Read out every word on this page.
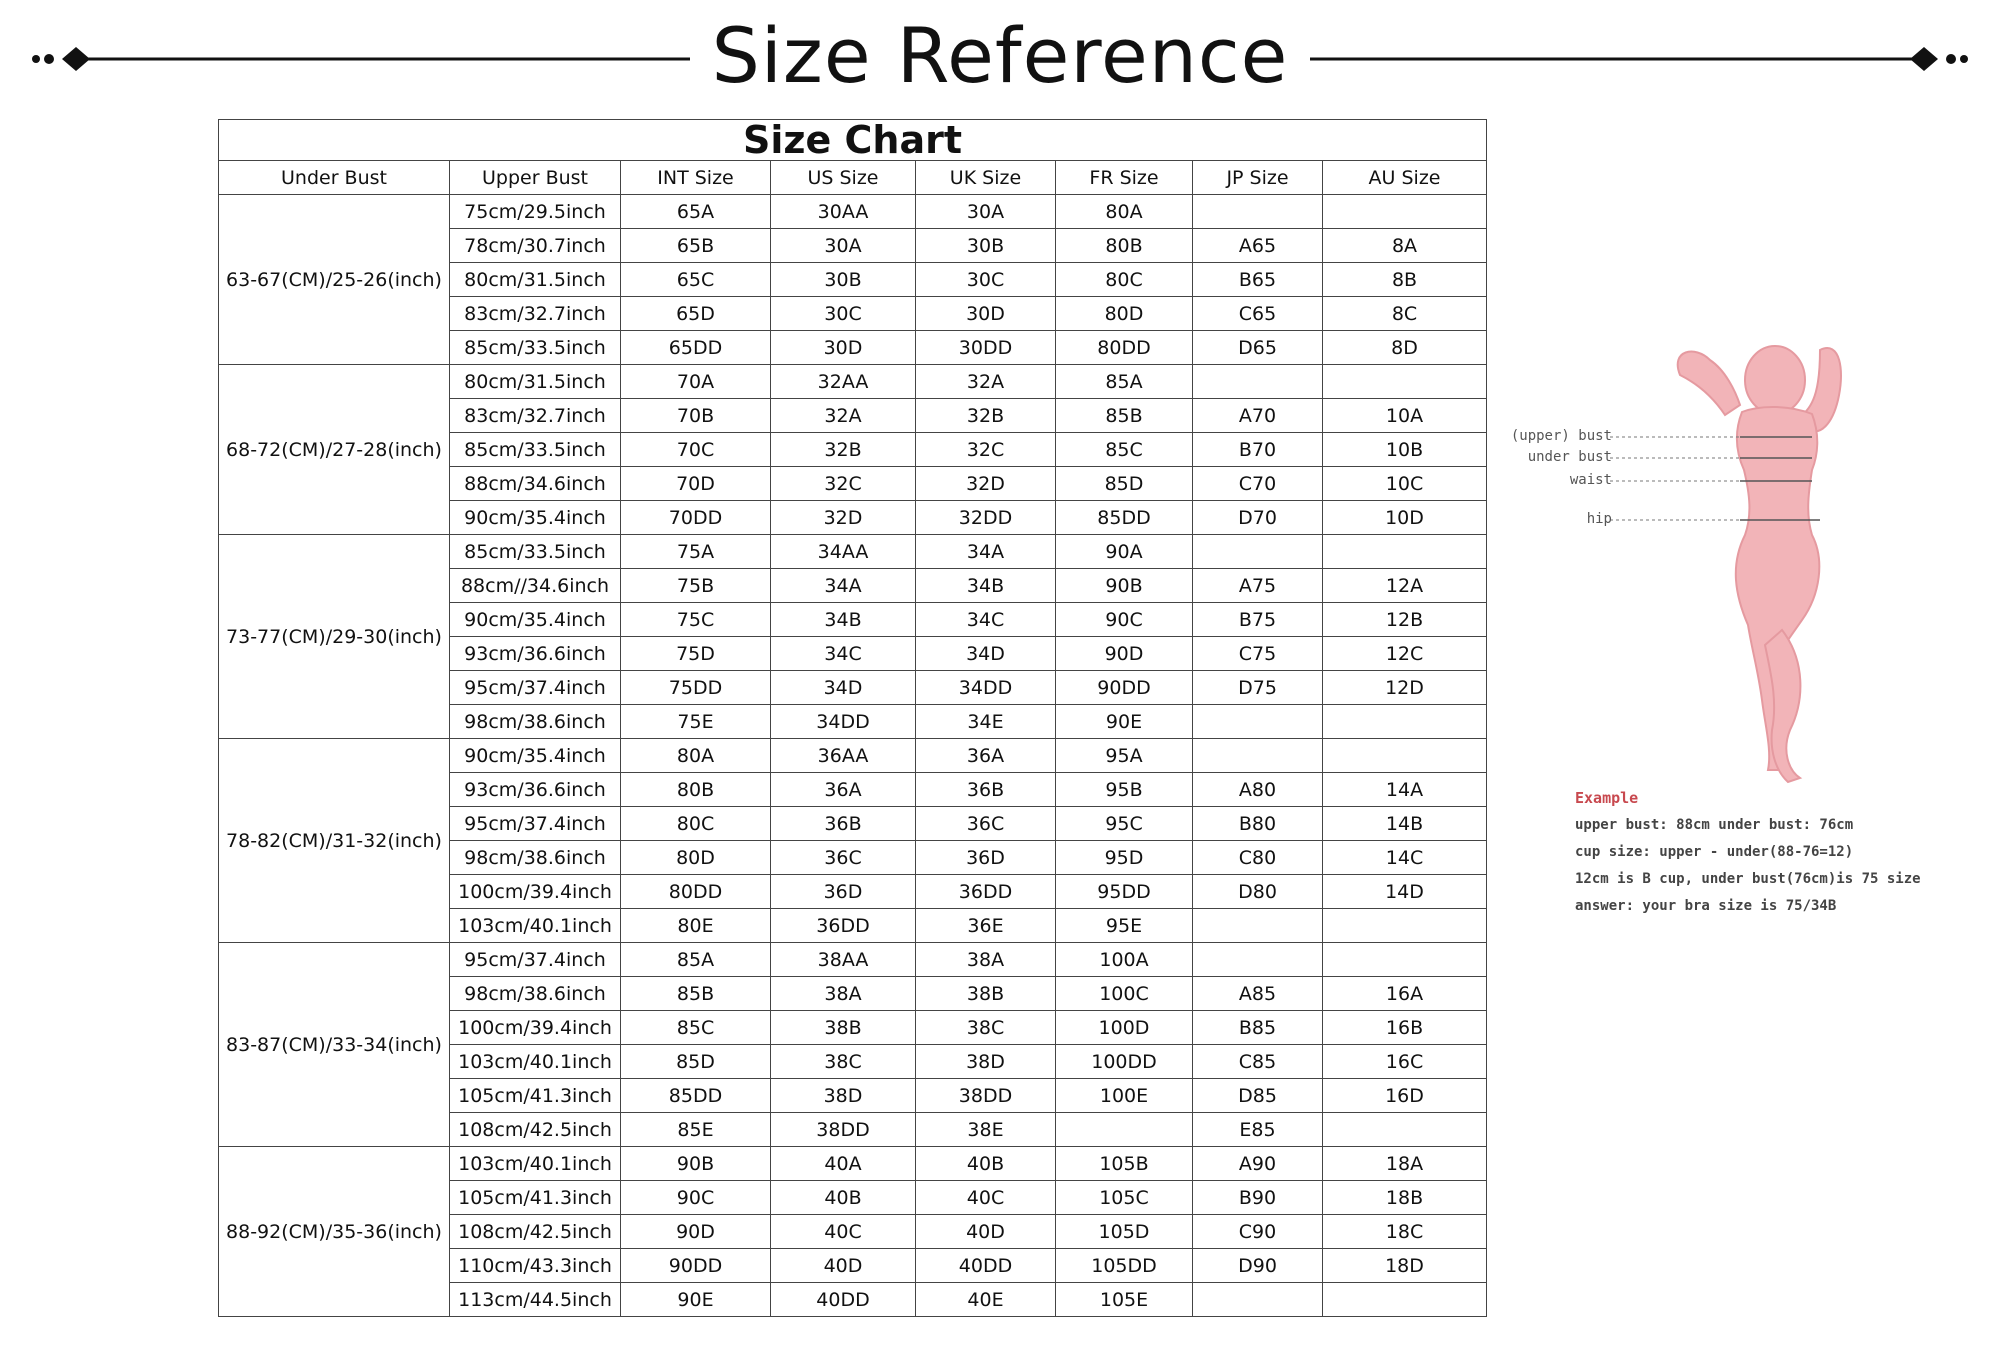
Size Reference
Size Chart							
Under Bust	Upper Bust	INT Size	US Size	UK Size	FR Size	JP Size	AU Size
63-67(CM)/25-26(inch)	75cm/29.5inch	65A	30AA	30A	80A		
	78cm/30.7inch	65B	30A	30B	80B	A65	8A
	80cm/31.5inch	65C	30B	30C	80C	B65	8B
	83cm/32.7inch	65D	30C	30D	80D	C65	8C
	85cm/33.5inch	65DD	30D	30DD	80DD	D65	8D
68-72(CM)/27-28(inch)	80cm/31.5inch	70A	32AA	32A	85A		
	83cm/32.7inch	70B	32A	32B	85B	A70	10A
	85cm/33.5inch	70C	32B	32C	85C	B70	10B
	88cm/34.6inch	70D	32C	32D	85D	C70	10C
	90cm/35.4inch	70DD	32D	32DD	85DD	D70	10D
73-77(CM)/29-30(inch)	85cm/33.5inch	75A	34AA	34A	90A		
	88cm//34.6inch	75B	34A	34B	90B	A75	12A
	90cm/35.4inch	75C	34B	34C	90C	B75	12B
	93cm/36.6inch	75D	34C	34D	90D	C75	12C
	95cm/37.4inch	75DD	34D	34DD	90DD	D75	12D
	98cm/38.6inch	75E	34DD	34E	90E		
78-82(CM)/31-32(inch)	90cm/35.4inch	80A	36AA	36A	95A		
	93cm/36.6inch	80B	36A	36B	95B	A80	14A
	95cm/37.4inch	80C	36B	36C	95C	B80	14B
	98cm/38.6inch	80D	36C	36D	95D	C80	14C
	100cm/39.4inch	80DD	36D	36DD	95DD	D80	14D
	103cm/40.1inch	80E	36DD	36E	95E		
83-87(CM)/33-34(inch)	95cm/37.4inch	85A	38AA	38A	100A		
	98cm/38.6inch	85B	38A	38B	100C	A85	16A
	100cm/39.4inch	85C	38B	38C	100D	B85	16B
	103cm/40.1inch	85D	38C	38D	100DD	C85	16C
	105cm/41.3inch	85DD	38D	38DD	100E	D85	16D
	108cm/42.5inch	85E	38DD	38E		E85	
88-92(CM)/35-36(inch)	103cm/40.1inch	90B	40A	40B	105B	A90	18A
	105cm/41.3inch	90C	40B	40C	105C	B90	18B
	108cm/42.5inch	90D	40C	40D	105D	C90	18C
	110cm/43.3inch	90DD	40D	40DD	105DD	D90	18D
	113cm/44.5inch	90E	40DD	40E	105E		
(upper) bust
under bust
waist
hip
Example
upper bust: 88cm under bust: 76cm
cup size: upper - under(88-76=12)
12cm is B cup, under bust(76cm)is 75 size
answer: your bra size is 75/34B
